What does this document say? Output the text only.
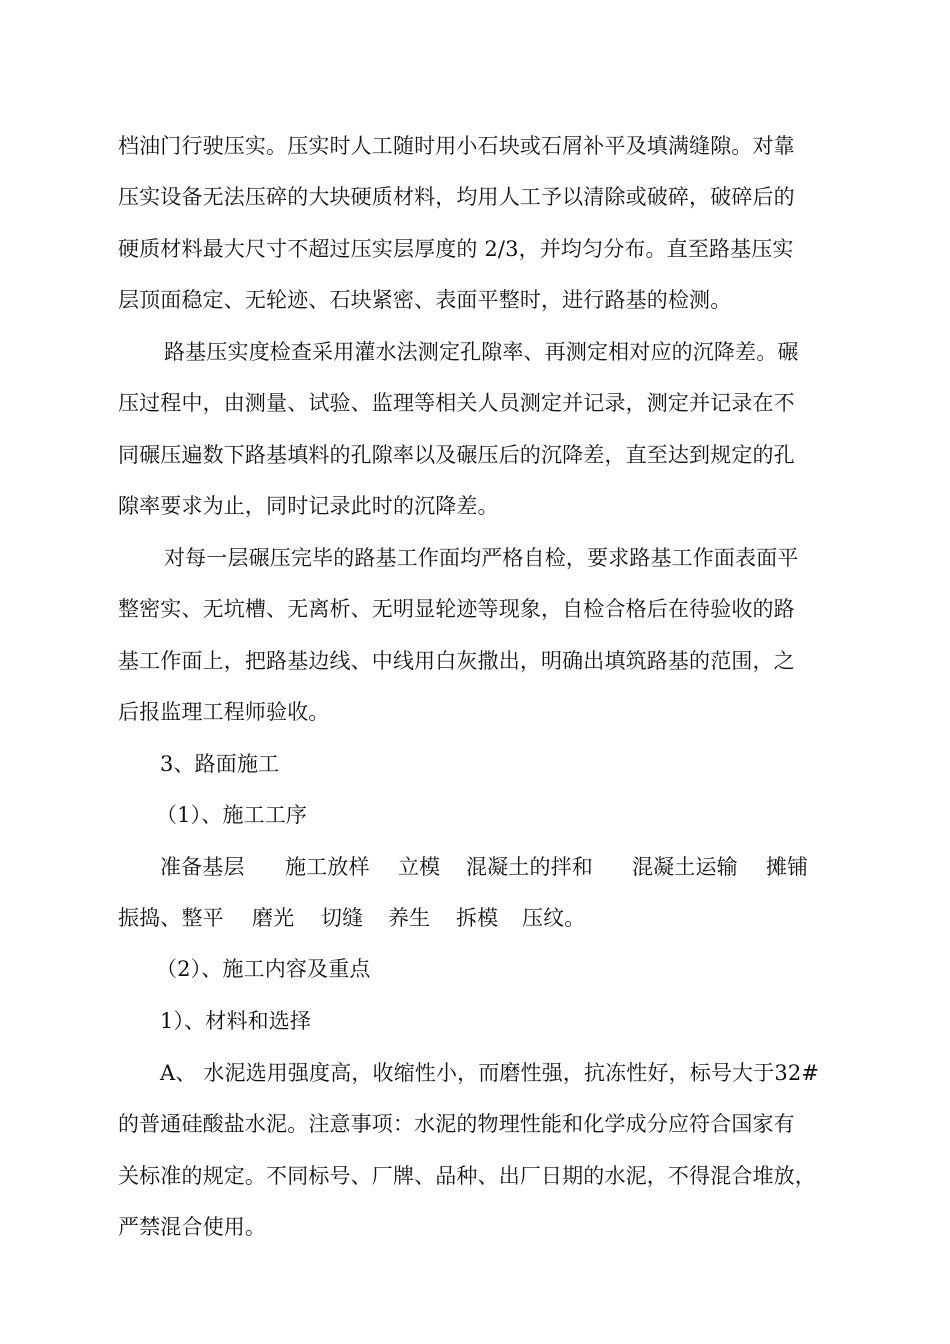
档油门行驶压实。压实时人工随时用小石块或石屑补平及填满缝隙。对靠
压实设备无法压碎的大块硬质材料，均用人工予以清除或破碎，破碎后的
硬质材料最大尺寸不超过压实层厚度的 2/3，并均匀分布。直至路基压实
层顶面稳定、无轮迹、石块紧密、表面平整时，进行路基的检测。
路基压实度检查采用灌水法测定孔隙率、再测定相对应的沉降差。碾
压过程中，由测量、试验、监理等相关人员测定并记录，测定并记录在不
同碾压遍数下路基填料的孔隙率以及碾压后的沉降差，直至达到规定的孔
隙率要求为止，同时记录此时的沉降差。
对每一层碾压完毕的路基工作面均严格自检，要求路基工作面表面平
整密实、无坑槽、无离析、无明显轮迹等现象，自检合格后在待验收的路
基工作面上，把路基边线、中线用白灰撒出，明确出填筑路基的范围，之
后报监理工程师验收。
3、路面施工
（1）、施工工序
准备基层 施工放样 立模 混凝土的拌和 混凝土运输 摊铺
振捣、整平 磨光 切缝 养生 拆模 压纹。
（2）、施工内容及重点
1）、材料和选择
A、 水泥选用强度高，收缩性小，而磨性强，抗冻性好，标号大于32#
的普通硅酸盐水泥。注意事项：水泥的物理性能和化学成分应符合国家有
关标准的规定。不同标号、厂牌、品种、出厂日期的水泥，不得混合堆放，
严禁混合使用。
